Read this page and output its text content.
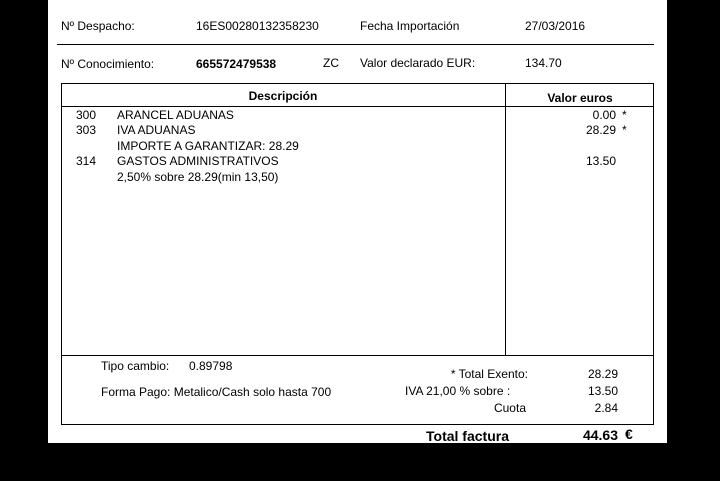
Nº Despacho:	16ES00280132358230	Fecha Importación	27/03/2016
Nº Conocimiento:	665572479538	ZC Valor declarado EUR:	134.70
Descripción	Valor euros
300 ARANCEL ADUANAS	0.00 *
303 IVA ADUANAS	28.29 *
IMPORTE A GARANTIZAR: 28.29
314 GASTOS ADMINISTRATIVOS	13.50
2,50% sobre 28.29(min 13,50)
Tipo cambio: 0.89798
Forma Pago: Metalico/Cash solo hasta 700
* Total Exento:	28.29
IVA 21,00 % sobre :	13.50
Cuota	2.84
Total factura	44.63 €
